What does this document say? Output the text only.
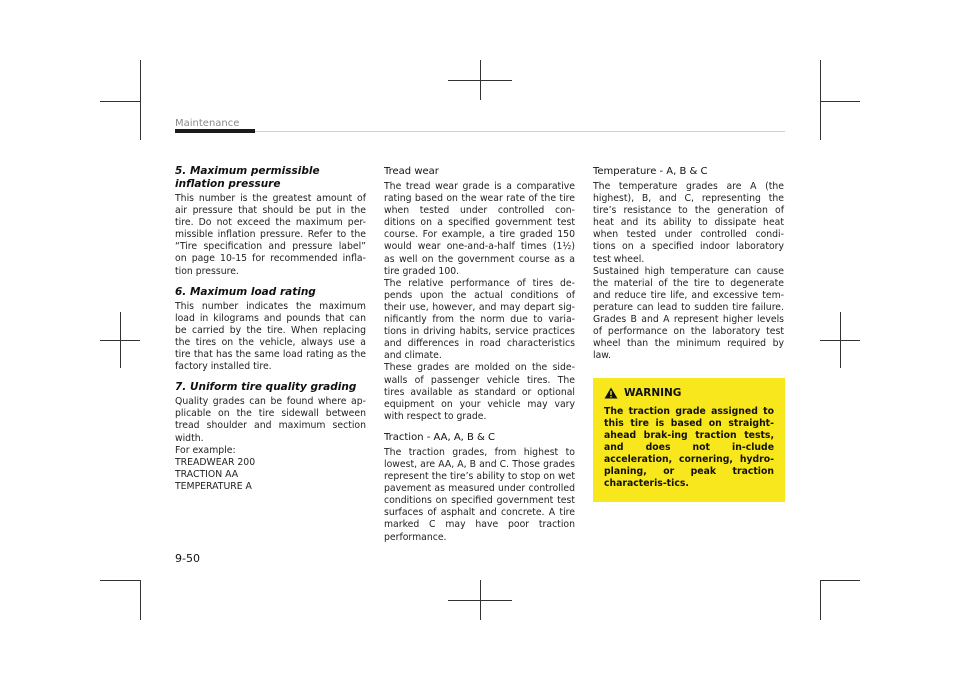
Maintenance
5. Maximum permissible inflation pressure

This number is the greatest amount of air pressure that should be put in the tire. Do not exceed the maximum per-missible inflation pressure. Refer to the “Tire specification and pressure label” on page 10-15 for recommended infla-tion pressure.

6. Maximum load rating

This number indicates the maximum load in kilograms and pounds that can be carried by the tire. When replacing the tires on the vehicle, always use a tire that has the same load rating as the factory installed tire.

7. Uniform tire quality grading

Quality grades can be found where ap-plicable on the tire sidewall between tread shoulder and maximum section width.

For example:
TREADWEAR 200
TRACTION AA
TEMPERATURE A
Tread wear

The tread wear grade is a comparative rating based on the wear rate of the tire when tested under controlled con-ditions on a specified government test course. For example, a tire graded 150 would wear one-and-a-half times (1½) as well on the government course as a tire graded 100.

The relative performance of tires de-pends upon the actual conditions of their use, however, and may depart sig-nificantly from the norm due to varia-tions in driving habits, service practices and differences in road characteristics and climate.

These grades are molded on the side-walls of passenger vehicle tires. The tires available as standard or optional equipment on your vehicle may vary with respect to grade.

Traction - AA, A, B & C

The traction grades, from highest to lowest, are AA, A, B and C. Those grades represent the tire’s ability to stop on wet pavement as measured under controlled conditions on specified government test surfaces of asphalt and concrete. A tire marked C may have poor traction performance.

Temperature - A, B & C

The temperature grades are A (the highest), B, and C, representing the tire’s resistance to the generation of heat and its ability to dissipate heat when tested under controlled condi-tions on a specified indoor laboratory test wheel.

Sustained high temperature can cause the material of the tire to degenerate and reduce tire life, and excessive tem-perature can lead to sudden tire failure. Grades B and A represent higher levels of performance on the laboratory test wheel than the minimum required by law.

WARNING
The traction grade assigned to this tire is based on straight-ahead brak-ing traction tests, and does not in-clude acceleration, cornering, hydro-planing, or peak traction characteris-tics.
9-50
